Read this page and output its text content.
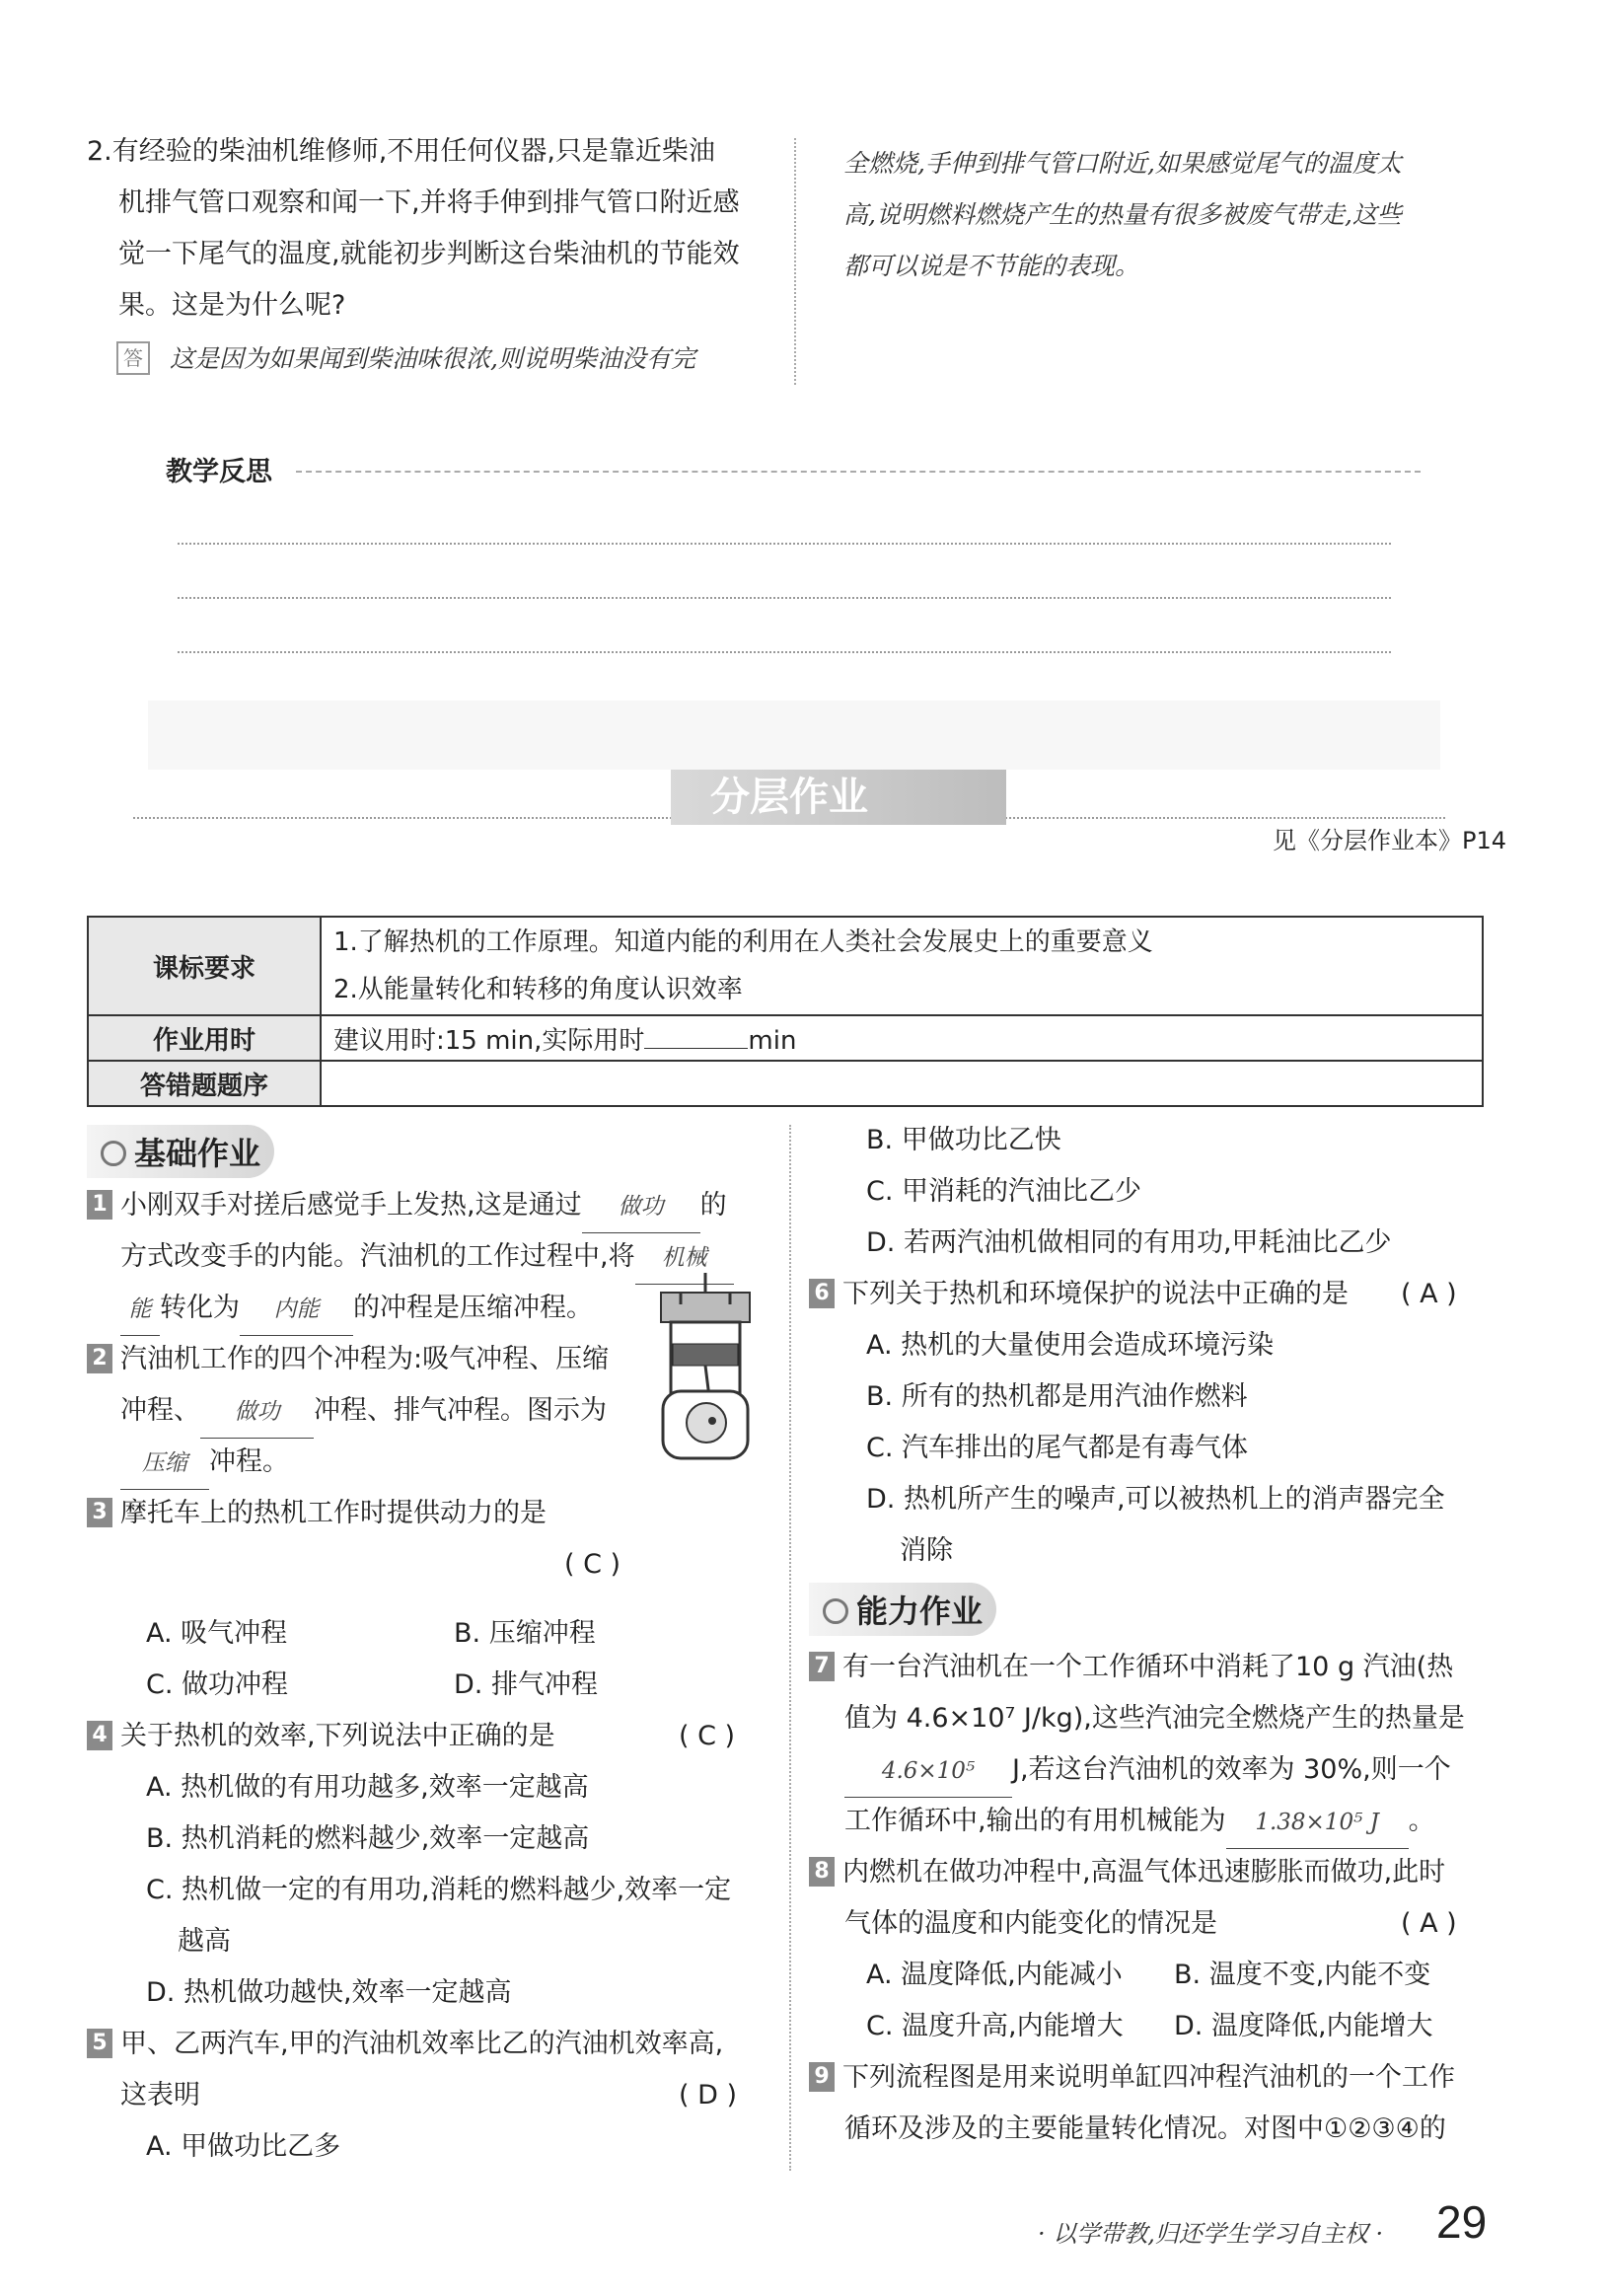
2.有经验的柴油机维修师,不用任何仪器,只是靠近柴油
机排气管口观察和闻一下,并将手伸到排气管口附近感
觉一下尾气的温度,就能初步判断这台柴油机的节能效
果。这是为什么呢?
答 这是因为如果闻到柴油味很浓,则说明柴油没有完
全燃烧,手伸到排气管口附近,如果感觉尾气的温度太
高,说明燃料燃烧产生的热量有很多被废气带走,这些
都可以说是不节能的表现。
教学反思
分层作业
见《分层作业本》P14
课标要求	1.了解热机的工作原理。知道内能的利用在人类社会发展史上的重要意义
2.从能量转化和转移的角度认识效率

作业用时	建议用时:15 min,实际用时 min
答错题题序	
基础作业
1 小刚双手对搓后感觉手上发热,这是通过 做功 的
方式改变手的内能。汽油机的工作过程中,将 机械
能 转化为 内能 的冲程是压缩冲程。
2 汽油机工作的四个冲程为:吸气冲程、压缩
冲程、 做功 冲程、排气冲程。图示为
压缩 冲程。
3 摩托车上的热机工作时提供动力的是
( C )
A. 吸气冲程	B. 压缩冲程
C. 做功冲程	D. 排气冲程
4 关于热机的效率,下列说法中正确的是	( C )
A. 热机做的有用功越多,效率一定越高
B. 热机消耗的燃料越少,效率一定越高
C. 热机做一定的有用功,消耗的燃料越少,效率一定
越高
D. 热机做功越快,效率一定越高
5 甲、乙两汽车,甲的汽油机效率比乙的汽油机效率高,
这表明	( D )
A. 甲做功比乙多
B. 甲做功比乙快
C. 甲消耗的汽油比乙少
D. 若两汽油机做相同的有用功,甲耗油比乙少
6 下列关于热机和环境保护的说法中正确的是 ( A )
A. 热机的大量使用会造成环境污染
B. 所有的热机都是用汽油作燃料
C. 汽车排出的尾气都是有毒气体
D. 热机所产生的噪声,可以被热机上的消声器完全
消除
能力作业
7 有一台汽油机在一个工作循环中消耗了10 g 汽油(热
值为 4.6×10⁷ J/kg),这些汽油完全燃烧产生的热量是
4.6×10⁵ J,若这台汽油机的效率为 30%,则一个
工作循环中,输出的有用机械能为 1.38×10⁵ J 。
8 内燃机在做功冲程中,高温气体迅速膨胀而做功,此时
气体的温度和内能变化的情况是	( A )
A. 温度降低,内能减小 B. 温度不变,内能不变
C. 温度升高,内能增大 D. 温度降低,内能增大
9 下列流程图是用来说明单缸四冲程汽油机的一个工作
循环及涉及的主要能量转化情况。对图中①②③④的
· 以学带教,归还学生学习自主权 · 29
